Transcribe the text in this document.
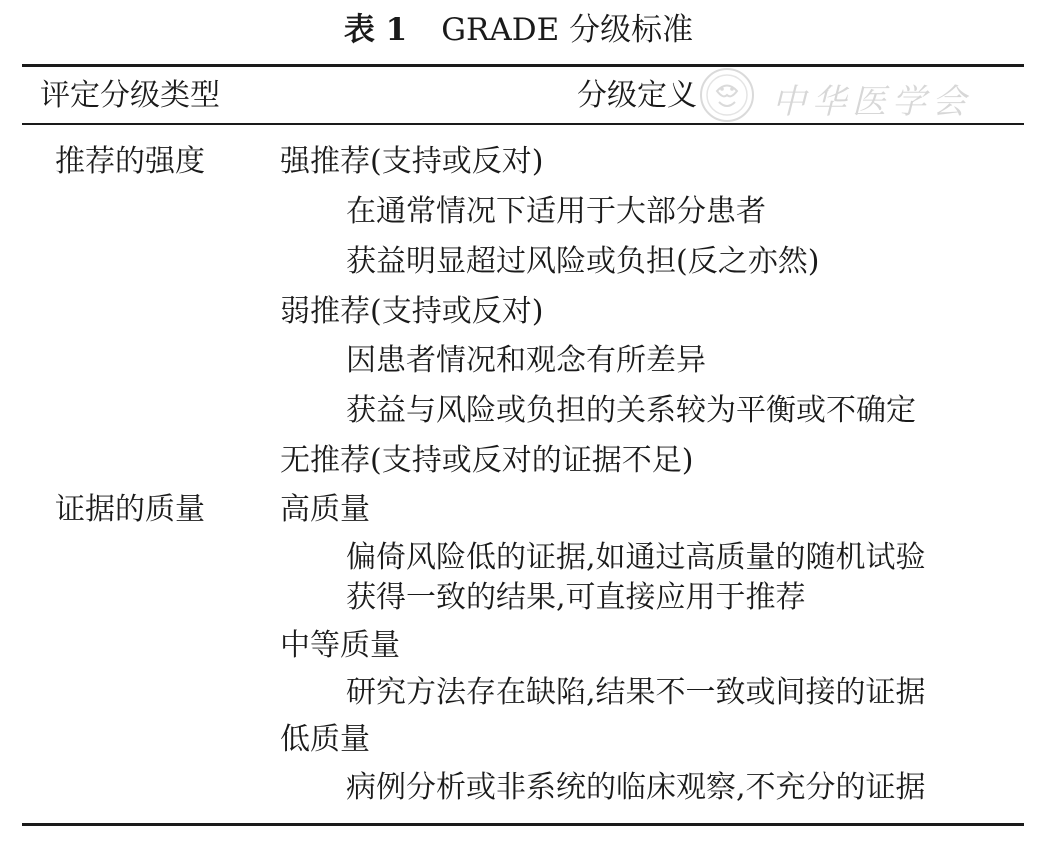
表 1 GRADE 分级标准
评定分级类型	分级定义 中华医学会
推荐的强度	强推荐(支持或反对)
在通常情况下适用于大部分患者
获益明显超过风险或负担(反之亦然)
弱推荐(支持或反对)
因患者情况和观念有所差异
获益与风险或负担的关系较为平衡或不确定
无推荐(支持或反对的证据不足)
证据的质量	高质量
偏倚风险低的证据,如通过高质量的随机试验
获得一致的结果,可直接应用于推荐
中等质量
研究方法存在缺陷,结果不一致或间接的证据
低质量
病例分析或非系统的临床观察,不充分的证据
